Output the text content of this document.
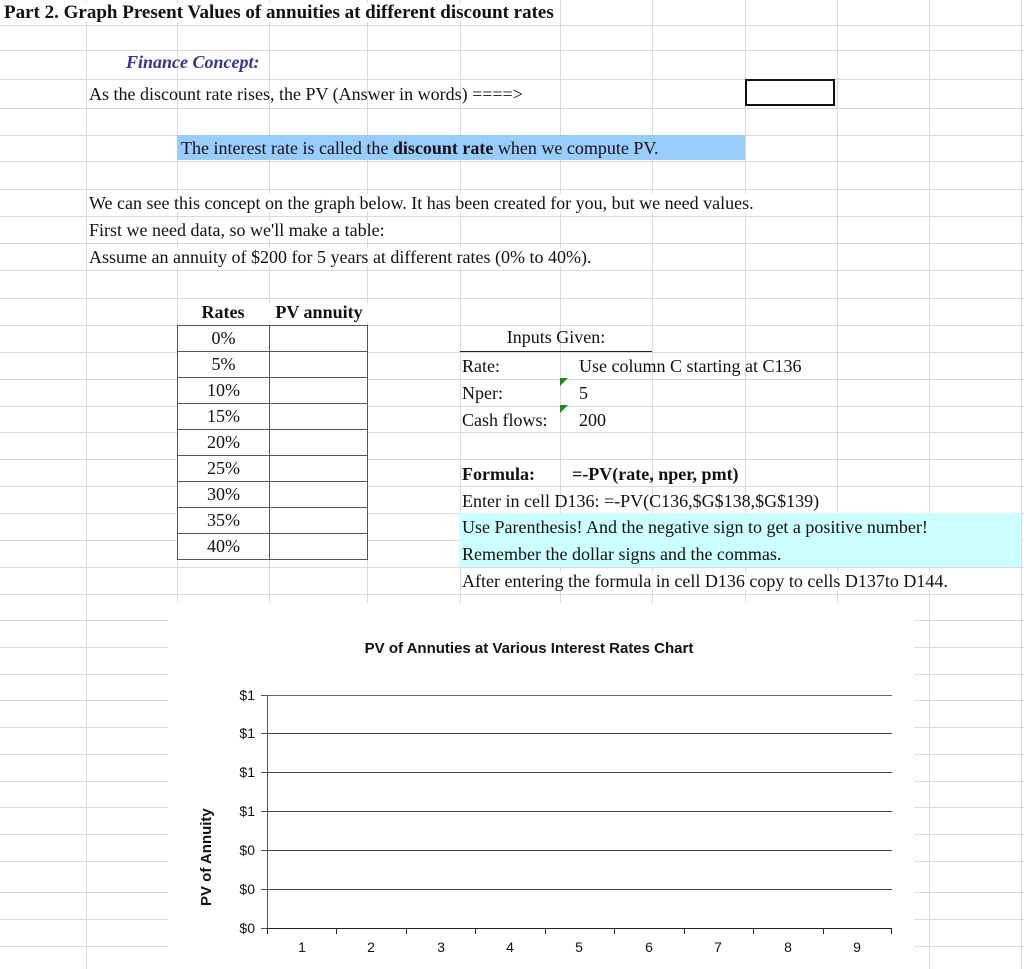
Part 2. Graph Present Values of annuities at different discount rates
Finance Concept:
As the discount rate rises, the PV (Answer in words) ====>
The interest rate is called the discount rate when we compute PV.
We can see this concept on the graph below. It has been created for you, but we need values.
First we need data, so we'll make a table:
Assume an annuity of $200 for 5 years at different rates (0% to 40%).
Rates	PV annuity
0%	
5%	
10%	
15%	
20%	
25%	
30%	
35%	
40%	
Inputs Given:
Rate:	Use column C starting at C136
Nper:	5
Cash flows: 200
Formula: =-PV(rate, nper, pmt)
Enter in cell D136: =-PV(C136,$G$138,$G$139)
Use Parenthesis! And the negative sign to get a positive number!
Remember the dollar signs and the commas.
After entering the formula in cell D136 copy to cells D137to D144.
PV of Annuties at Various Interest Rates Chart
PV of Annuity
$1
$1
$1
$1
$0
$0
$0
1	2	3	4	5	6	7	8	9
